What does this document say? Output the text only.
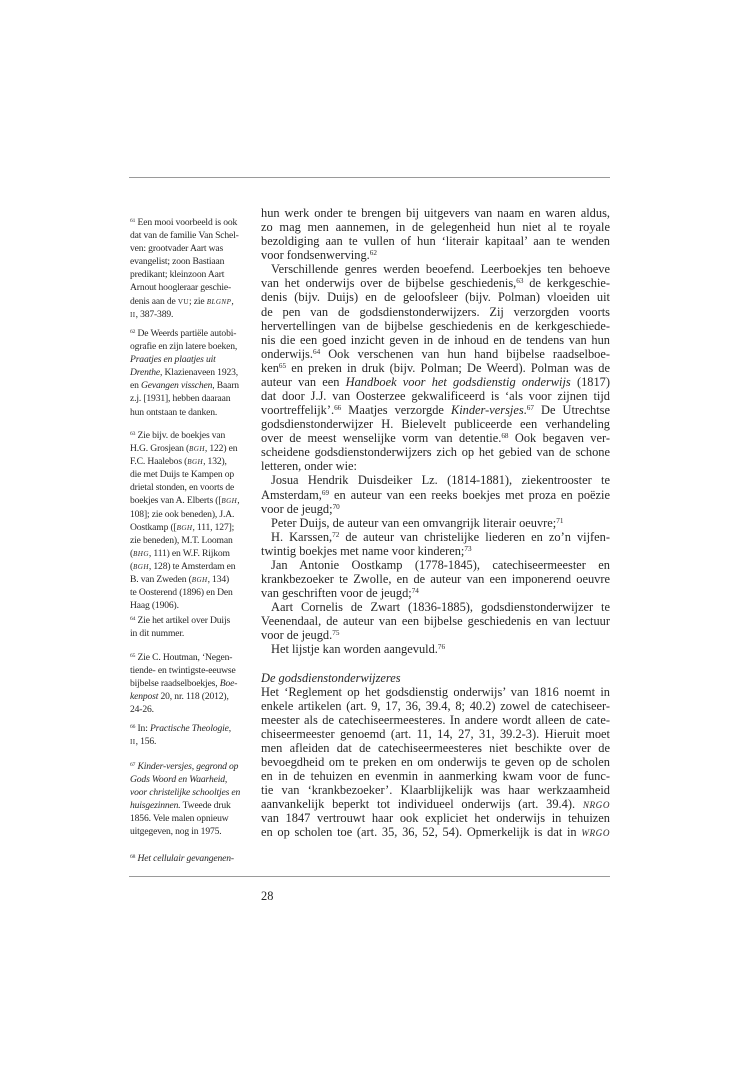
$^{61}$ Een mooi voorbeeld is ook
dat van de familie Van Schel-
ven: grootvader Aart was
evangelist; zoon Bastiaan
predikant; kleinzoon Aart
Arnout hoogleraar geschie-
denis aan de VU; zie BLGNP,
II, 387-389.
$^{62}$ De Weerds partiële autobi-
ografie en zijn latere boeken,
Praatjes en plaatjes uit
Drenthe, Klazienaveen 1923,
en Gevangen visschen, Baarn
z.j. [1931], hebben daaraan
hun ontstaan te danken.
$^{63}$ Zie bijv. de boekjes van
H.G. Grosjean (BGH, 122) en
F.C. Haalebos (BGH, 132),
die met Duijs te Kampen op
drietal stonden, en voorts de
boekjes van A. Elberts ([BGH,
108]; zie ook beneden), J.A.
Oostkamp ([BGH, 111, 127];
zie beneden), M.T. Looman
(BHG, 111) en W.F. Rijkom
(BGH, 128) te Amsterdam en
B. van Zweden (BGH, 134)
te Oosterend (1896) en Den
Haag (1906).
$^{64}$ Zie het artikel over Duijs
in dit nummer.
$^{65}$ Zie C. Houtman, ‘Negen-
tiende- en twintigste-eeuwse
bijbelse raadselboekjes, Boe-
kenpost 20, nr. 118 (2012),
24-26.
$^{66}$ In: Practische Theologie,
II, 156.
$^{67}$ Kinder-versjes, gegrond op
Gods Woord en Waarheid,
voor christelijke schooltjes en
huisgezinnen. Tweede druk
1856. Vele malen opnieuw
uitgegeven, nog in 1975.
$^{68}$ Het cellulair gevangenen-
hun werk onder te brengen bij uitgevers van naam en waren aldus,
zo mag men aannemen, in de gelegenheid hun niet al te royale
bezoldiging aan te vullen of hun ‘literair kapitaal’ aan te wenden
voor fondsenwerving.$^{62}$
Verschillende genres werden beoefend. Leerboekjes ten behoeve
van het onderwijs over de bijbelse geschiedenis,$^{63}$ de kerkgeschie-
denis (bijv. Duijs) en de geloofsleer (bijv. Polman) vloeiden uit
de pen van de godsdienstonderwijzers. Zij verzorgden voorts
hervertellingen van de bijbelse geschiedenis en de kerkgeschiede-
nis die een goed inzicht geven in de inhoud en de tendens van hun
onderwijs.$^{64}$ Ook verschenen van hun hand bijbelse raadselboe-
ken$^{65}$ en preken in druk (bijv. Polman; De Weerd). Polman was de
auteur van een Handboek voor het godsdienstig onderwijs (1817)
dat door J.J. van Oosterzee gekwalificeerd is ‘als voor zijnen tijd
voortreffelijk’.$^{66}$ Maatjes verzorgde Kinder-versjes.$^{67}$ De Utrechtse
godsdienstonderwijzer H. Bielevelt publiceerde een verhandeling
over de meest wenselijke vorm van detentie.$^{68}$ Ook begaven ver-
scheidene godsdienstonderwijzers zich op het gebied van de schone
letteren, onder wie:
Josua Hendrik Duisdeiker Lz. (1814-1881), ziekentrooster te
Amsterdam,$^{69}$ en auteur van een reeks boekjes met proza en poëzie
voor de jeugd;$^{70}$
Peter Duijs, de auteur van een omvangrijk literair oeuvre;$^{71}$
H. Karssen,$^{72}$ de auteur van christelijke liederen en zo’n vijfen-
twintig boekjes met name voor kinderen;$^{73}$
Jan Antonie Oostkamp (1778-1845), catechiseermeester en
krankbezoeker te Zwolle, en de auteur van een imponerend oeuvre
van geschriften voor de jeugd;$^{74}$
Aart Cornelis de Zwart (1836-1885), godsdienstonderwijzer te
Veenendaal, de auteur van een bijbelse geschiedenis en van lectuur
voor de jeugd.$^{75}$
Het lijstje kan worden aangevuld.$^{76}$
De godsdienstonderwijzeres
Het ‘Reglement op het godsdienstig onderwijs’ van 1816 noemt in
enkele artikelen (art. 9, 17, 36, 39.4, 8; 40.2) zowel de catechiseer-
meester als de catechiseermeesteres. In andere wordt alleen de cate-
chiseermeester genoemd (art. 11, 14, 27, 31, 39.2-3). Hieruit moet
men afleiden dat de catechiseermeesteres niet beschikte over de
bevoegdheid om te preken en om onderwijs te geven op de scholen
en in de tehuizen en evenmin in aanmerking kwam voor de func-
tie van ‘krankbezoeker’. Klaarblijkelijk was haar werkzaamheid
aanvankelijk beperkt tot individueel onderwijs (art. 39.4). NRGO
van 1847 vertrouwt haar ook expliciet het onderwijs in tehuizen
en op scholen toe (art. 35, 36, 52, 54). Opmerkelijk is dat in WRGO
28
